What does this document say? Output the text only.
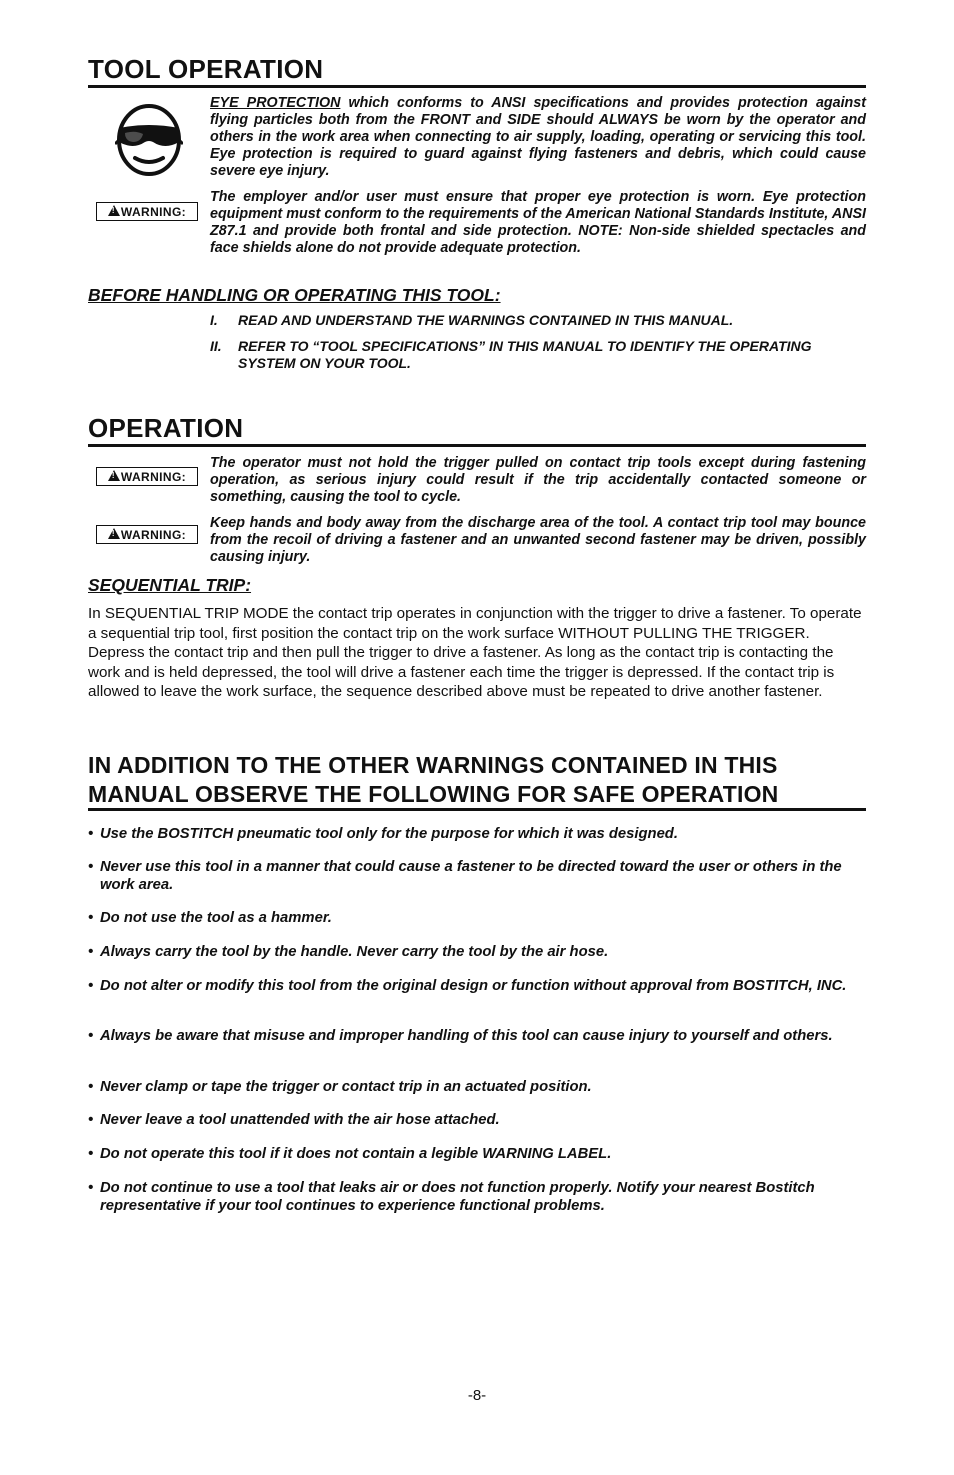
TOOL OPERATION

EYE PROTECTION which conforms to ANSI specifications and provides protection against flying particles both from the FRONT and SIDE should ALWAYS be worn by the operator and others in the work area when connecting to air supply, loading, operating or servicing this tool. Eye protection is required to guard against flying fasteners and debris, which could cause severe eye injury.

!
WARNING:

The employer and/or user must ensure that proper eye protection is worn. Eye protection equipment must conform to the requirements of the American National Standards Institute, ANSI Z87.1 and provide both frontal and side protection. NOTE: Non-side shielded spectacles and face shields alone do not provide adequate protection.

BEFORE HANDLING OR OPERATING THIS TOOL:
I. READ AND UNDERSTAND THE WARNINGS CONTAINED IN THIS MANUAL.
II. REFER TO “TOOL SPECIFICATIONS” IN THIS MANUAL TO IDENTIFY THE OPERATING SYSTEM ON YOUR TOOL.
OPERATION
!
WARNING:

The operator must not hold the trigger pulled on contact trip tools except during fastening operation, as serious injury could result if the trip accidentally contacted someone or something, causing the tool to cycle.

!
WARNING:

Keep hands and body away from the discharge area of the tool. A contact trip tool may bounce from the recoil of driving a fastener and an unwanted second fastener may be driven, possibly causing injury.

SEQUENTIAL TRIP:

In SEQUENTIAL TRIP MODE the contact trip operates in conjunction with the trigger to drive a fastener. To operate a sequential trip tool, first position the contact trip on the work surface WITHOUT PULLING THE TRIGGER. Depress the contact trip and then pull the trigger to drive a fastener. As long as the contact trip is contacting the work and is held depressed, the tool will drive a fastener each time the trigger is depressed. If the contact trip is allowed to leave the work surface, the sequence described above must be repeated to drive another fastener.

IN ADDITION TO THE OTHER WARNINGS CONTAINED IN THIS
MANUAL OBSERVE THE FOLLOWING FOR SAFE OPERATION
• Use the BOSTITCH pneumatic tool only for the purpose for which it was designed.
• Never use this tool in a manner that could cause a fastener to be directed toward the user or others in the work area.
• Do not use the tool as a hammer.
• Always carry the tool by the handle. Never carry the tool by the air hose.
• Do not alter or modify this tool from the original design or function without approval from BOSTITCH, INC.
• Always be aware that misuse and improper handling of this tool can cause injury to yourself and others.
• Never clamp or tape the trigger or contact trip in an actuated position.
• Never leave a tool unattended with the air hose attached.
• Do not operate this tool if it does not contain a legible WARNING LABEL.
• Do not continue to use a tool that leaks air or does not function properly. Notify your nearest Bostitch representative if your tool continues to experience functional problems.
-8-
